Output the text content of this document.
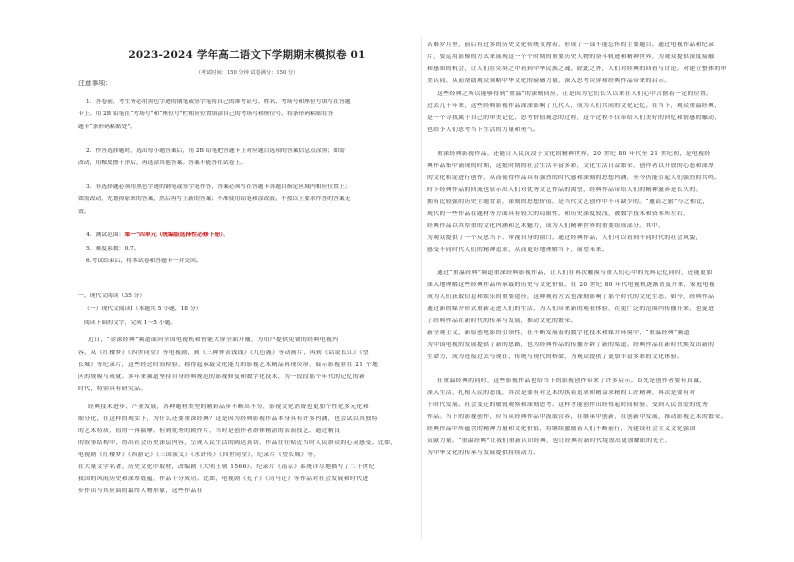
2023-2024 学年高二语文下学期期末模拟卷 01
（考试时间：150 分钟 试卷满分：150 分）
注意事项：
1．答卷前，考生务必用黑色字迹的钢笔或签字笔将自己的准考证号、姓名、考场号和座位号填写在答题
卡上。用 2B 铅笔在“考场号”和“座位号”栏相应位置填涂自己的考场号和座位号。将条形码粘贴在答
题卡“条形码粘贴处”。
2．作答选择题时，选出每小题答案后，用 2B 铅笔把答题卡上对应题目选项的答案信息点涂黑；如需
改动，用橡皮擦干净后，再选涂其他答案。答案不能答在试卷上。
3．非选择题必须用黑色字迹的钢笔或签字笔作答，答案必须写在答题卡各题目指定区域内相应位置上；
如需改动，先划掉原来的答案，然后再写上新的答案；不准使用铅笔和涂改液。不按以上要求作答的答案无
效。
4．测试范围：第一"四单元（统编版选择性必修下册）。
5．难度系数：0.7。
6.考试结束后，将本试卷和答题卡一并交回。
一、现代文阅读（35 分）
（一）现代文阅读Ⅰ（本题共 5 小题，18 分）
阅读下面的文字，完成 1～5 小题。
近日，“金深经典”频道面向全国电视机和智能大屏全面开播，为用户提供免费的经典电视内
容。从《红楼梦》《四世同堂》等电视剧，到《三种钟表钱钱》《九色鹿》等动画片，再到《话说长江》《望
长城》等纪录片，这些经过时间检验、称得起承载文化能力的影视艺术精品再现荧屏，展示影视业在 21 个地
区的规模与成就。多年来频道坚持自身经典规范的影视修复和数字化技术，为一段段那个年代的记忆的新
时代，特别具有研究品。
经典技术进步、产业发展，各种题材类型的精彩品步不断出不穷，影视文化消费也更加个性化多元化和
细分化，在这样的现实下，为什么还要重深经典？这是因为经典影视作品本身具有许多内涵，也尝试以其独特
的艺术特质，值得一再揣摩。但到优秀的剧作片，当时是创作者群体精湛的表演技艺、通过精良
的叙事结构中，得出社会历史深层内容，呈现人民生活的阔达真切，作品往往贴近当时人民群众的心灵感受。比如，
电视剧《红楼梦》《西游记》《三国演义》《水浒传》《四世同堂》，纪录片《望长城》等，
在大量文学名著、历史文化中取材，改编剧《大明王朝 1566》、纪录片《南京》系统详尽地描写了二十世纪
我国的风雨历史和深厚底蕴，作品十分成功。比如，电视剧《孔子》《司马迁》等作品对社会发展和时代进
步作出与其应面的最终人物形象，这些作品在
苦难岁月里，前后有过多的历史文化传统支撑着，形成了一部不能忘怀的主要题目。通过电视作品和纪录
片，要运用影像的方式来展现这一个个时期的重要历史人物的奋斗轨迹和精神世界，为观众提供深度接触
和感知的机会，让人们在荧屏之中看到中华民族之魂。除此之外，人们对经典的回看与讨论，对建立整体的审
美认同、从而帮助观众领略中华文化的磅礴力量，深入思考荧屏和经典作品带来的启示。
这些经典之所以能够得到“重温”的深刻回应，正是因为它们长久以来在人们心中占据着一定的位置。
过去几十年来，这些经典影视作品深深影响了几代人，成为人们共同的文化记忆。在当下，观众重温经典，
是一个寻找属于自己的审美记忆、思考价值观念的过程，这个过程不仅带给人们美好的回忆和情感的触动，
也给予人们思考当下生活的力量和勇气。
重深经典影视作品，还能让人民沉浸于文化的精神世界，20 世纪 80 年代至 21 世纪初，是电视经
典作品集中涌现的时期，这批时期的社会生活丰富多彩，文化生活日益繁荣，创作者以开放的心态和深厚
的文化积淀进行创作，从而使得作品具有强烈的时代感和深刻的思想内涵，至今仍能引起人们强烈的共鸣。
时下经典作品的回流也显示出人们对优秀文艺作品的渴望，经典作品带给人们的精神滋养是长久的。
拥有比较强的历史主题背景，深刻的思想价值，是当代文艺创作中不可缺少的。“邀请之旅”与之相比，
现代的一些作品在题材等方面具有较大的局限性，和历史深度较浅，被数字技术和资本所左右，
经典作品以其厚重的文化内涵和艺术魅力，成为人们精神世界的重要组成部分。其中，
为观众提供了一个反思当下、审视自身的窗口。通过经典作品，人们可以看到不同时代的社会风貌，
感受不同时代人们的精神追求，从而更好地理解当下，展望未来。
通过“重温经典”频道重深经典影视作品，让人们在再次触摸与重人们心中的光辉记忆同时，还能更加
深入地理解这些经典作品所承载的历史与文化价值。在 20 世纪 80 年代电视机逐渐普及开来，家庭电视
成为人们获取信息和娱乐的重要途径，这种观看方式也深刻影响了那个时代的文化生态，如今，经典作品
通过新的媒介形式重新走进人们的生活，为人们带来新的观看体验，在更广泛的范围内传播开来，也促进
了经典作品在新时代的传承与发展，推动文化的繁荣。
新全观主义，新原创电影的引领性，在不断发展着的数字化技术和媒介环境中，“重温经典”频道
为中国电视的发展提供了新的思路，也为经典作品的传播开辟了新的渠道。经典作品在新时代焕发出新的
生命力，成为连接过去与现在、传统与现代的桥梁，为观众提供了更加丰富多彩的文化体验。
在重温经典的同时，这些影视作品也给当下的影视创作带来了许多启示。首先是创作者要有真诚、
深入生活、扎根人民的态度，其次是要有对艺术的执着追求和精益求精的工匠精神，再次是要有对
于时代发展、社会变迁的敏锐观察和深刻思考。这样才能创作出经得起时间检验、受到人民喜爱的优秀
作品。当下的影视创作，应当从经典作品中汲取营养，在继承中创新，在创新中发展，推动影视艺术的繁荣。
经典作品中所蕴含的精神力量和文化价值，将继续激励着人们不断前行，为建设社会主义文化强国
贡献力量。“重温经典”让我们重新认识经典，也让经典在新时代绽放出更加耀眼的光芒，
为中华文化的传承与发展提供持续动力。
